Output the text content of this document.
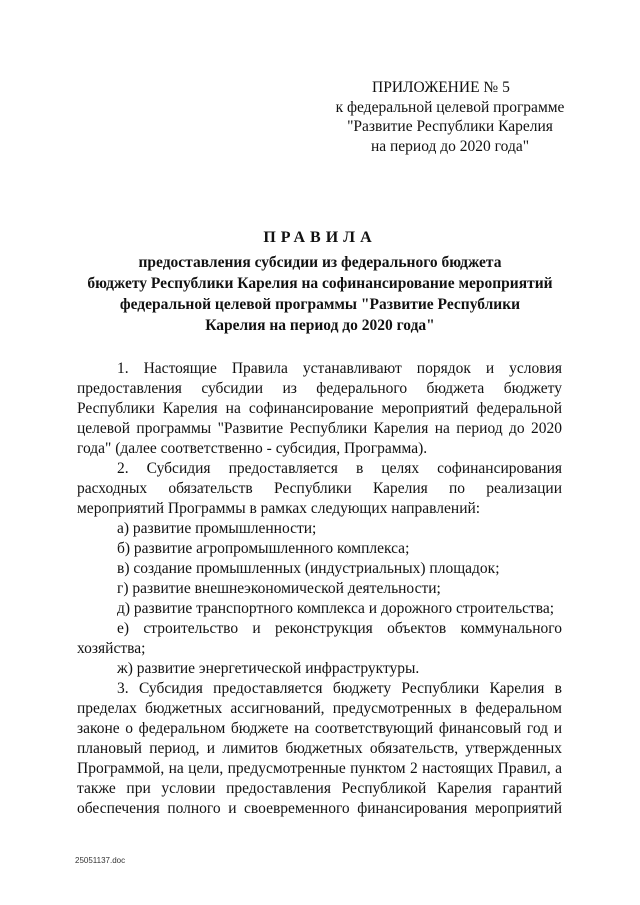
ПРИЛОЖЕНИЕ № 5
к федеральной целевой программе
"Развитие Республики Карелия
на период до 2020 года"
ПРАВИЛА
предоставления субсидии из федерального бюджета
бюджету Республики Карелия на софинансирование мероприятий
федеральной целевой программы "Развитие Республики
Карелия на период до 2020 года"

1. Настоящие Правила устанавливают порядок и условия предоставления субсидии из федерального бюджета бюджету Республики Карелия на софинансирование мероприятий федеральной целевой программы "Развитие Республики Карелия на период до 2020 года" (далее соответственно - субсидия, Программа).

2. Субсидия предоставляется в целях софинансирования расходных обязательств Республики Карелия по реализации мероприятий Программы в рамках следующих направлений:

а) развитие промышленности;

б) развитие агропромышленного комплекса;

в) создание промышленных (индустриальных) площадок;

г) развитие внешнеэкономической деятельности;

д) развитие транспортного комплекса и дорожного строительства;

е) строительство и реконструкция объектов коммунального хозяйства;

ж) развитие энергетической инфраструктуры.

3. Субсидия предоставляется бюджету Республики Карелия в пределах бюджетных ассигнований, предусмотренных в федеральном законе о федеральном бюджете на соответствующий финансовый год и плановый период, и лимитов бюджетных обязательств, утвержденных Программой, на цели, предусмотренные пунктом 2 настоящих Правил, а также при условии предоставления Республикой Карелия гарантий обеспечения полного и своевременного финансирования мероприятий

25051137.doc
